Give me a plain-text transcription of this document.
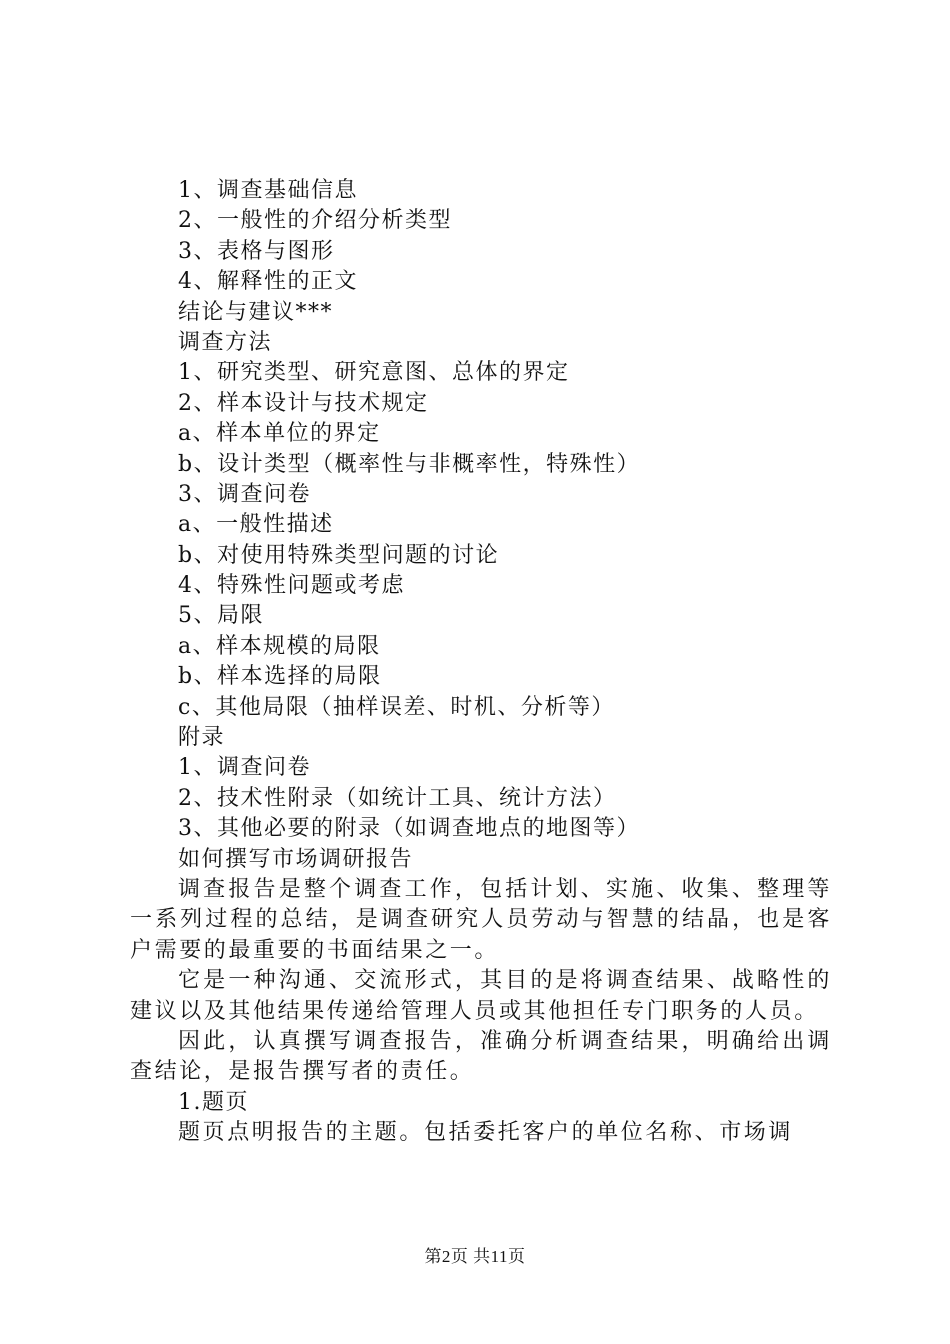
1、调查基础信息
2、一般性的介绍分析类型
3、表格与图形
4、解释性的正文
结论与建议***
调查方法
1、研究类型、研究意图、总体的界定
2、样本设计与技术规定
a、样本单位的界定
b、设计类型（概率性与非概率性，特殊性）
3、调查问卷
a、一般性描述
b、对使用特殊类型问题的讨论
4、特殊性问题或考虑
5、局限
a、样本规模的局限
b、样本选择的局限
c、其他局限（抽样误差、时机、分析等）
附录
1、调查问卷
2、技术性附录（如统计工具、统计方法）
3、其他必要的附录（如调查地点的地图等）
如何撰写市场调研报告

调查报告是整个调查工作，包括计划、实施、收集、整理等一系列过程的总结，是调查研究人员劳动与智慧的结晶，也是客户需要的最重要的书面结果之一。

它是一种沟通、交流形式，其目的是将调查结果、战略性的建议以及其他结果传递给管理人员或其他担任专门职务的人员。

因此，认真撰写调查报告，准确分析调查结果，明确给出调查结论，是报告撰写者的责任。

1.题页

题页点明报告的主题。包括委托客户的单位名称、市场调

第2页 共11页
